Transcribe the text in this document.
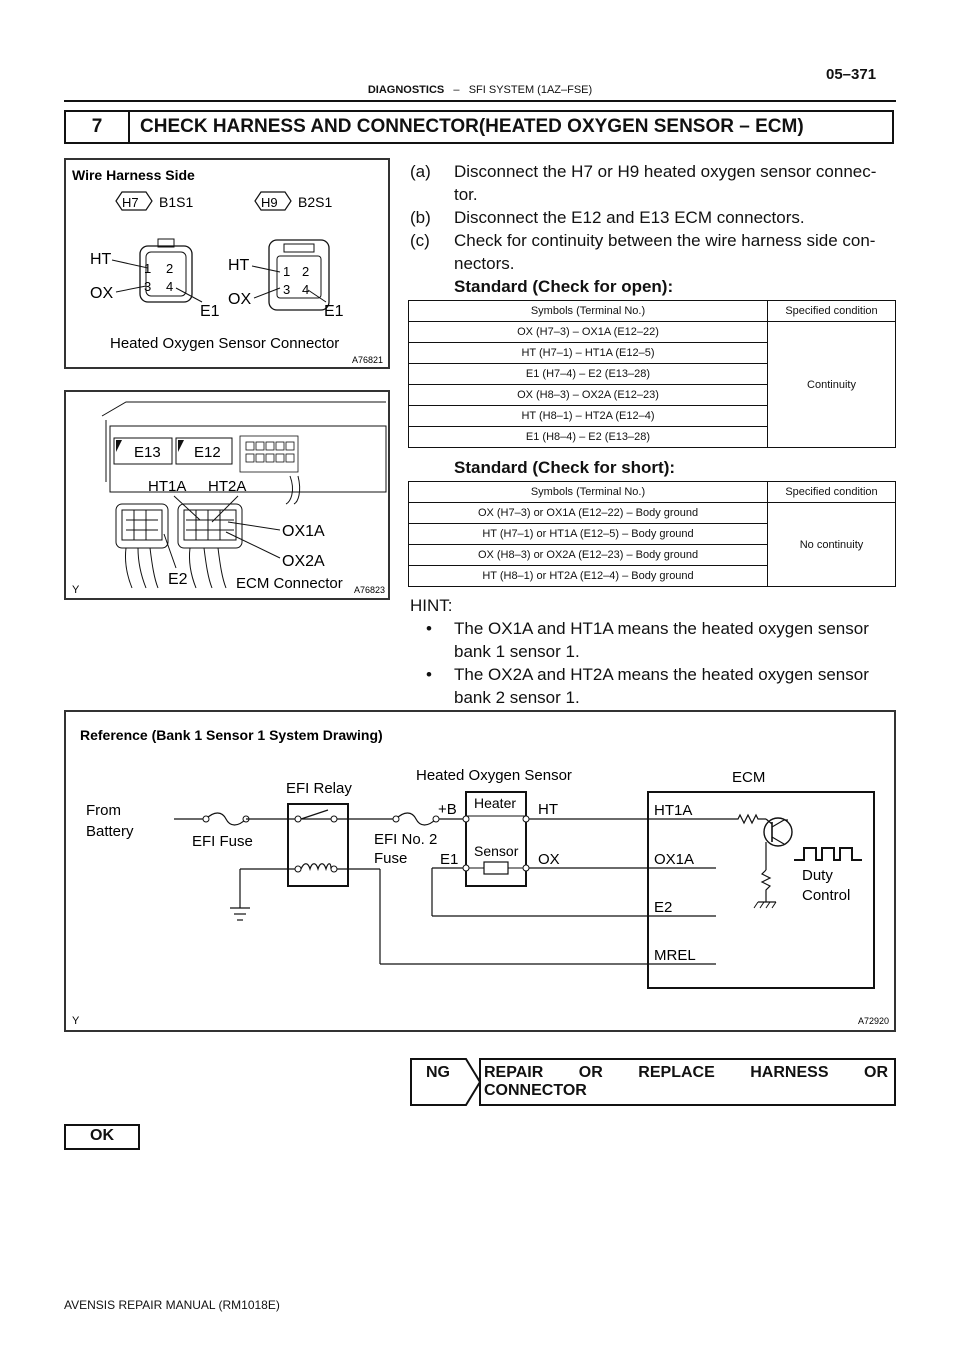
05–371
DIAGNOSTICS – SFI SYSTEM (1AZ–FSE)
7	CHECK HARNESS AND CONNECTOR(HEATED OXYGEN SENSOR – ECM)
Wire Harness Side
H7 B1S1	H9 B2S1
1 2
3 4
HT
OX
E1
1 2
3 4
HT
OX
E1
Heated Oxygen Sensor Connector
A76821
E13 E12
HT1A HT2A
OX1A
OX2A
E2	ECM Connector A76823
Y
(a) Disconnect the H7 or H9 heated oxygen sensor connec-
tor.
(b) Disconnect the E12 and E13 ECM connectors.
(c) Check for continuity between the wire harness side con-
nectors.
Standard (Check for open):
Symbols (Terminal No.)	Specified condition
OX (H7–3) – OX1A (E12–22)	Continuity
HT (H7–1) – HT1A (E12–5)	
E1 (H7–4) – E2 (E13–28)	
OX (H8–3) – OX2A (E12–23)	
HT (H8–1) – HT2A (E12–4)	
E1 (H8–4) – E2 (E13–28)	
Standard (Check for short):
Symbols (Terminal No.)	Specified condition
OX (H7–3) or OX1A (E12–22) – Body ground	No continuity
HT (H7–1) or HT1A (E12–5) – Body ground	
OX (H8–3) or OX2A (E12–23) – Body ground	
HT (H8–1) or HT2A (E12–4) – Body ground	
HINT:
• The OX1A and HT1A means the heated oxygen sensor
bank 1 sensor 1.
• The OX2A and HT2A means the heated oxygen sensor
bank 2 sensor 1.
Reference (Bank 1 Sensor 1 System Drawing)
From
Battery
EFI Fuse
EFI Relay
EFI No. 2
Fuse
Heated Oxygen Sensor
+B Heater
Sensor
E1
HT
OX
ECM
HT1A
OX1A
E2
MREL
Duty
Control
A72920
Y
NG REPAIR OR REPLACE HARNESS OR
CONNECTOR
OK
AVENSIS REPAIR MANUAL (RM1018E)
